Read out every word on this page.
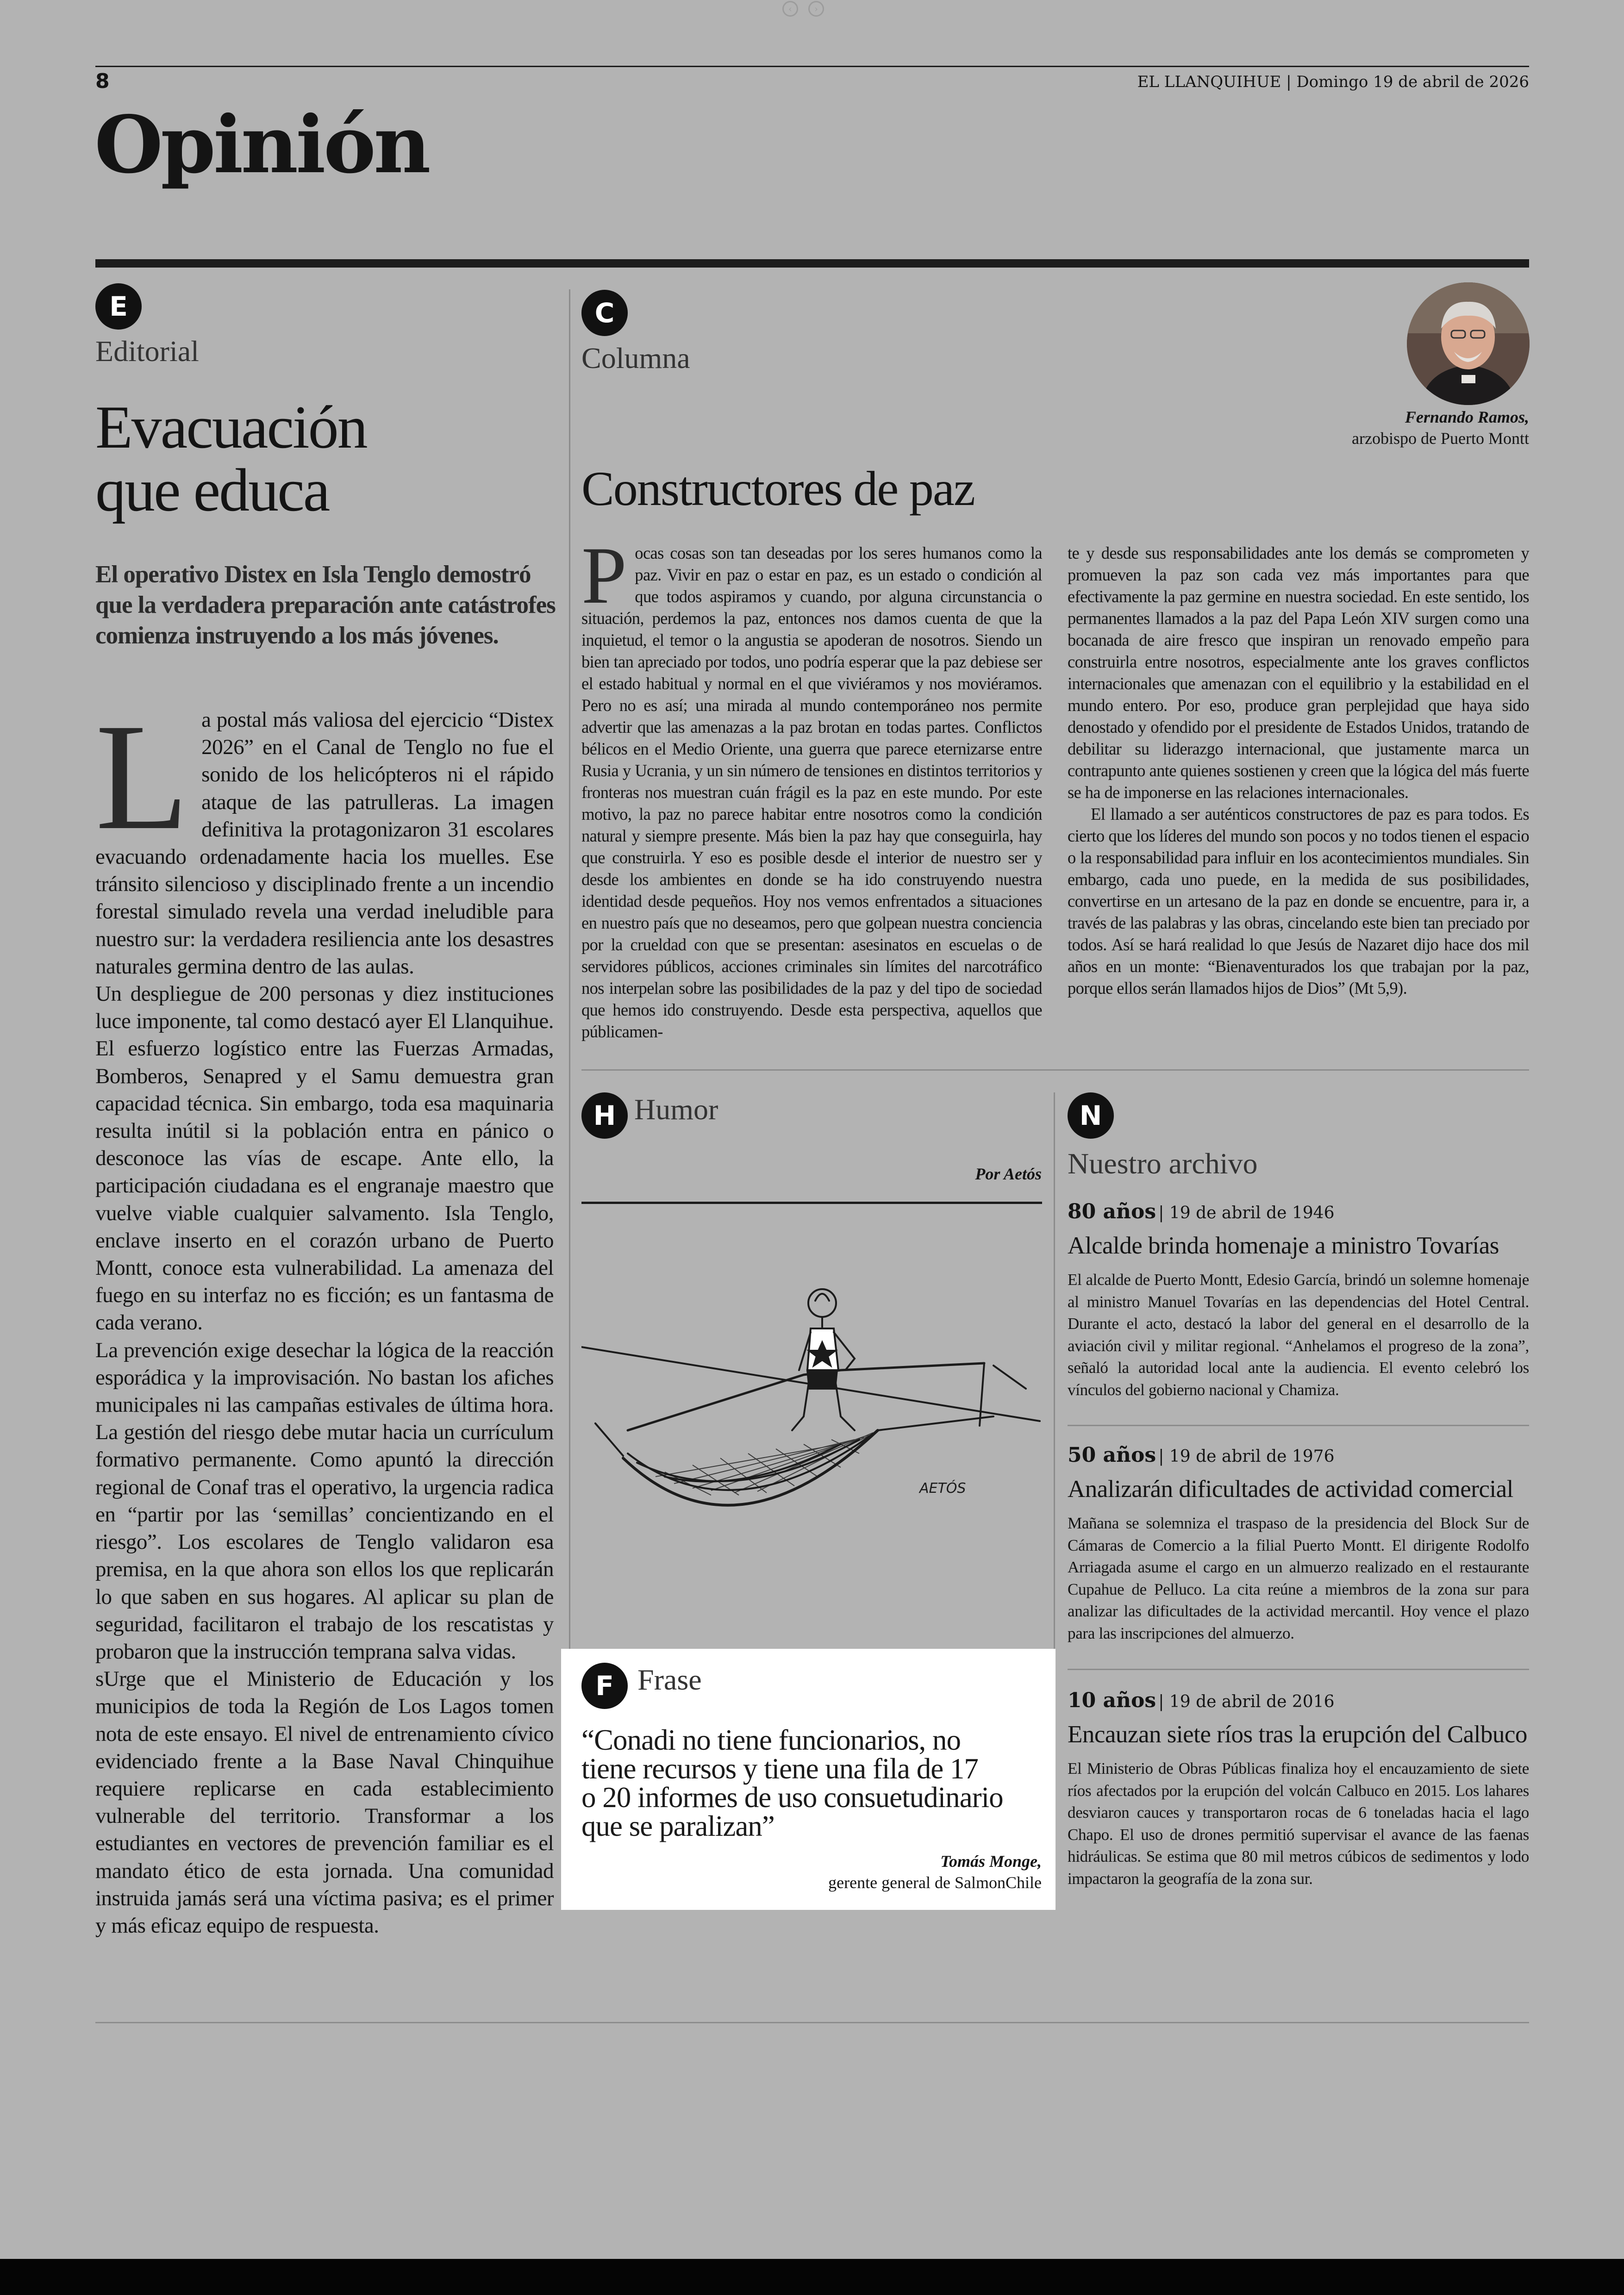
‹	›
8	EL LLANQUIHUE | Domingo 19 de abril de 2026
Opinión
E
Editorial
Evacuación
que educa
El operativo Distex en Isla Tenglo demostró que la verdadera preparación ante catástrofes comienza instruyendo a los más jóvenes.
L a postal más valiosa del ejercicio “Distex 2026” en el Canal de Tenglo no fue el sonido de los helicópteros ni el rápido ataque de las patrulleras. La imagen definitiva la protagonizaron 31 escolares evacuando ordenadamente hacia los muelles. Ese tránsito silencioso y disciplinado frente a un incendio forestal simulado revela una verdad ineludible para nuestro sur: la verdadera resiliencia ante los desastres naturales germina dentro de las aulas.

Un despliegue de 200 personas y diez instituciones luce imponente, tal como destacó ayer El Llanquihue. El esfuerzo logístico entre las Fuerzas Armadas, Bomberos, Senapred y el Samu demuestra gran capacidad técnica. Sin embargo, toda esa maquinaria resulta inútil si la población entra en pánico o desconoce las vías de escape. Ante ello, la participación ciudadana es el engranaje maestro que vuelve viable cualquier salvamento. Isla Tenglo, enclave inserto en el corazón urbano de Puerto Montt, conoce esta vulnerabilidad. La amenaza del fuego en su interfaz no es ficción; es un fantasma de cada verano.

La prevención exige desechar la lógica de la reacción esporádica y la improvisación. No bastan los afiches municipales ni las campañas estivales de última hora. La gestión del riesgo debe mutar hacia un currículum formativo permanente. Como apuntó la dirección regional de Conaf tras el operativo, la urgencia radica en “partir por las ‘semillas’ concientizando en el riesgo”. Los escolares de Tenglo validaron esa premisa, en la que ahora son ellos los que replicarán lo que saben en sus hogares. Al aplicar su plan de seguridad, facilitaron el trabajo de los rescatistas y probaron que la instrucción temprana salva vidas.

sUrge que el Ministerio de Educación y los municipios de toda la Región de Los Lagos tomen nota de este ensayo. El nivel de entrenamiento cívico evidenciado frente a la Base Naval Chinquihue requiere replicarse en cada establecimiento vulnerable del territorio. Transformar a los estudiantes en vectores de prevención familiar es el mandato ético de esta jornada. Una comunidad instruida jamás será una víctima pasiva; es el primer y más eficaz equipo de respuesta.

C
Columna
Fernando Ramos,
arzobispo de Puerto Montt
Constructores de paz
P ocas cosas son tan deseadas por los seres humanos como la paz. Vivir en paz o estar en paz, es un estado o condición al que todos aspiramos y cuando, por alguna circunstancia o situación, perdemos la paz, entonces nos damos cuenta de que la inquietud, el temor o la angustia se apoderan de nosotros. Siendo un bien tan apreciado por todos, uno podría esperar que la paz debiese ser el estado habitual y normal en el que viviéramos y nos moviéramos. Pero no es así; una mirada al mundo contemporáneo nos permite advertir que las amenazas a la paz brotan en todas partes. Conflictos bélicos en el Medio Oriente, una guerra que parece eternizarse entre Rusia y Ucrania, y un sin número de tensiones en distintos territorios y fronteras nos muestran cuán frágil es la paz en este mundo. Por este motivo, la paz no parece habitar entre nosotros como la condición natural y siempre presente. Más bien la paz hay que conseguirla, hay que construirla. Y eso es posible desde el interior de nuestro ser y desde los ambientes en donde se ha ido construyendo nuestra identidad desde pequeños. Hoy nos vemos enfrentados a situaciones en nuestro país que no deseamos, pero que golpean nuestra conciencia por la crueldad con que se presentan: asesinatos en escuelas o de servidores públicos, acciones criminales sin límites del narcotráfico nos interpelan sobre las posibilidades de la paz y del tipo de sociedad que hemos ido construyendo. Desde esta perspectiva, aquellos que públicamen-

te y desde sus responsabilidades ante los demás se comprometen y promueven la paz son cada vez más importantes para que efectivamente la paz germine en nuestra sociedad. En este sentido, los permanentes llamados a la paz del Papa León XIV surgen como una bocanada de aire fresco que inspiran un renovado empeño para construirla entre nosotros, especialmente ante los graves conflictos internacionales que amenazan con el equilibrio y la estabilidad en el mundo entero. Por eso, produce gran perplejidad que haya sido denostado y ofendido por el presidente de Estados Unidos, tratando de debilitar su liderazgo internacional, que justamente marca un contrapunto ante quienes sostienen y creen que la lógica del más fuerte se ha de imponerse en las relaciones internacionales.

El llamado a ser auténticos constructores de paz es para todos. Es cierto que los líderes del mundo son pocos y no todos tienen el espacio o la responsabilidad para influir en los acontecimientos mundiales. Sin embargo, cada uno puede, en la medida de sus posibilidades, convertirse en un artesano de la paz en donde se encuentre, para ir, a través de las palabras y las obras, cincelando este bien tan preciado por todos. Así se hará realidad lo que Jesús de Nazaret dijo hace dos mil años en un monte: “Bienaventurados los que trabajan por la paz, porque ellos serán llamados hijos de Dios” (Mt 5,9).

H Humor
Por Aetós
AETÓS
F Frase
“Conadi no tiene funcionarios, no
tiene recursos y tiene una fila de 17
o 20 informes de uso consuetudinario
que se paralizan”
Tomás Monge,
gerente general de SalmonChile
N
Nuestro archivo
80 años | 19 de abril de 1946
Alcalde brinda homenaje a ministro Tovarías
El alcalde de Puerto Montt, Edesio García, brindó un solemne homenaje al ministro Manuel Tovarías en las dependencias del Hotel Central. Durante el acto, destacó la labor del general en el desarrollo de la aviación civil y militar regional. “Anhelamos el progreso de la zona”, señaló la autoridad local ante la audiencia. El evento celebró los vínculos del gobierno nacional y Chamiza.
50 años | 19 de abril de 1976
Analizarán dificultades de actividad comercial
Mañana se solemniza el traspaso de la presidencia del Block Sur de Cámaras de Comercio a la filial Puerto Montt. El dirigente Rodolfo Arriagada asume el cargo en un almuerzo realizado en el restaurante Cupahue de Pelluco. La cita reúne a miembros de la zona sur para analizar las dificultades de la actividad mercantil. Hoy vence el plazo para las inscripciones del almuerzo.
10 años | 19 de abril de 2016
Encauzan siete ríos tras la erupción del Calbuco
El Ministerio de Obras Públicas finaliza hoy el encauzamiento de siete ríos afectados por la erupción del volcán Calbuco en 2015. Los lahares desviaron cauces y transportaron rocas de 6 toneladas hacia el lago Chapo. El uso de drones permitió supervisar el avance de las faenas hidráulicas. Se estima que 80 mil metros cúbicos de sedimentos y lodo impactaron la geografía de la zona sur.
